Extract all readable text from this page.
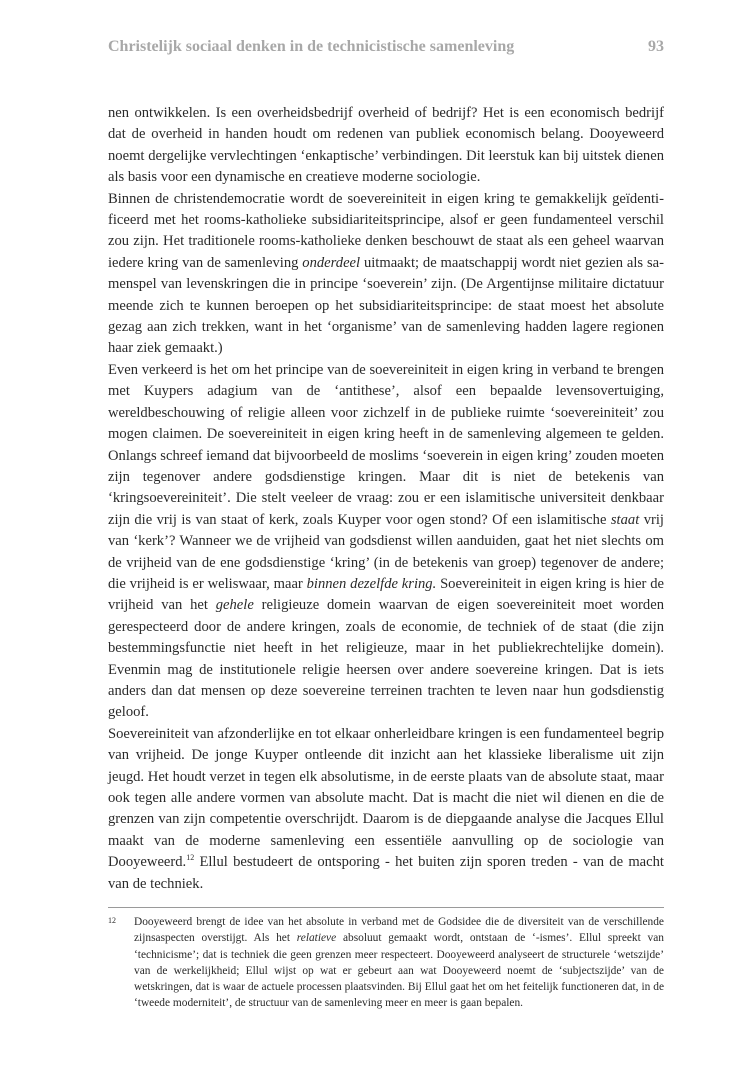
Christelijk sociaal denken in de technicistische samenleving	93

nen ontwikkelen. Is een overheidsbedrijf overheid of bedrijf? Het is een economisch bedrijf dat de overheid in handen houdt om redenen van publiek economisch belang. Dooyeweerd noemt dergelijke vervlechtingen ‘enkaptische’ verbindingen. Dit leerstuk kan bij uitstek dienen als basis voor een dynamische en creatieve moderne sociologie.

Binnen de christendemocratie wordt de soevereiniteit in eigen kring te gemakkelijk geïdentificeerd met het rooms-katholieke subsidiariteitsprincipe, alsof er geen fundamenteel verschil zou zijn. Het traditionele rooms-katholieke denken beschouwt de staat als een geheel waarvan iedere kring van de samenleving onderdeel uitmaakt; de maatschappij wordt niet gezien als samenspel van levenskringen die in principe ‘soeverein’ zijn. (De Argentijnse militaire dictatuur meende zich te kunnen beroepen op het subsidiariteitsprincipe: de staat moest het absolute gezag aan zich trekken, want in het ‘organisme’ van de samenleving hadden lagere regionen haar ziek gemaakt.)

Even verkeerd is het om het principe van de soevereiniteit in eigen kring in verband te brengen met Kuypers adagium van de ‘antithese’, alsof een bepaalde levensovertuiging, wereldbeschouwing of religie alleen voor zichzelf in de publieke ruimte ‘soevereiniteit’ zou mogen claimen. De soevereiniteit in eigen kring heeft in de samenleving algemeen te gelden. Onlangs schreef iemand dat bijvoorbeeld de moslims ‘soeverein in eigen kring’ zouden moeten zijn tegenover andere godsdienstige kringen. Maar dit is niet de betekenis van ‘kringsoevereiniteit’. Die stelt veeleer de vraag: zou er een islamitische universiteit denkbaar zijn die vrij is van staat of kerk, zoals Kuyper voor ogen stond? Of een islamitische staat vrij van ‘kerk’? Wanneer we de vrijheid van godsdienst willen aanduiden, gaat het niet slechts om de vrijheid van de ene godsdienstige ‘kring’ (in de betekenis van groep) tegenover de andere; die vrijheid is er weliswaar, maar binnen dezelfde kring. Soevereiniteit in eigen kring is hier de vrijheid van het gehele religieuze domein waarvan de eigen soevereiniteit moet worden gerespecteerd door de andere kringen, zoals de economie, de techniek of de staat (die zijn bestemmingsfunctie niet heeft in het religieuze, maar in het publiekrechtelijke domein). Evenmin mag de institutionele religie heersen over andere soevereine kringen. Dat is iets anders dan dat mensen op deze soevereine terreinen trachten te leven naar hun godsdienstig geloof.

Soevereiniteit van afzonderlijke en tot elkaar onherleidbare kringen is een fundamenteel begrip van vrijheid. De jonge Kuyper ontleende dit inzicht aan het klassieke liberalisme uit zijn jeugd. Het houdt verzet in tegen elk absolutisme, in de eerste plaats van de absolute staat, maar ook tegen alle andere vormen van absolute macht. Dat is macht die niet wil dienen en die de grenzen van zijn competentie overschrijdt. Daarom is de diepgaande analyse die Jacques Ellul maakt van de moderne samenleving een essentiële aanvulling op de sociologie van Dooyeweerd.$^{12}$ Ellul bestudeert de ontsporing - het buiten zijn sporen treden - van de macht van de techniek.

12	Dooyeweerd brengt de idee van het absolute in verband met de Godsidee die de diversiteit van de verschillende zijnsaspecten overstijgt. Als het relatieve absoluut gemaakt wordt, ontstaan de ‘-ismes’. Ellul spreekt van ‘technicisme’; dat is techniek die geen grenzen meer respecteert. Dooyeweerd analyseert de structurele ‘wetszijde’ van de werkelijkheid; Ellul wijst op wat er gebeurt aan wat Dooyeweerd noemt de ‘subjectszijde’ van de wetskringen, dat is waar de actuele processen plaatsvinden. Bij Ellul gaat het om het feitelijk functioneren dat, in de ‘tweede moderniteit’, de structuur van de samenleving meer en meer is gaan bepalen.
